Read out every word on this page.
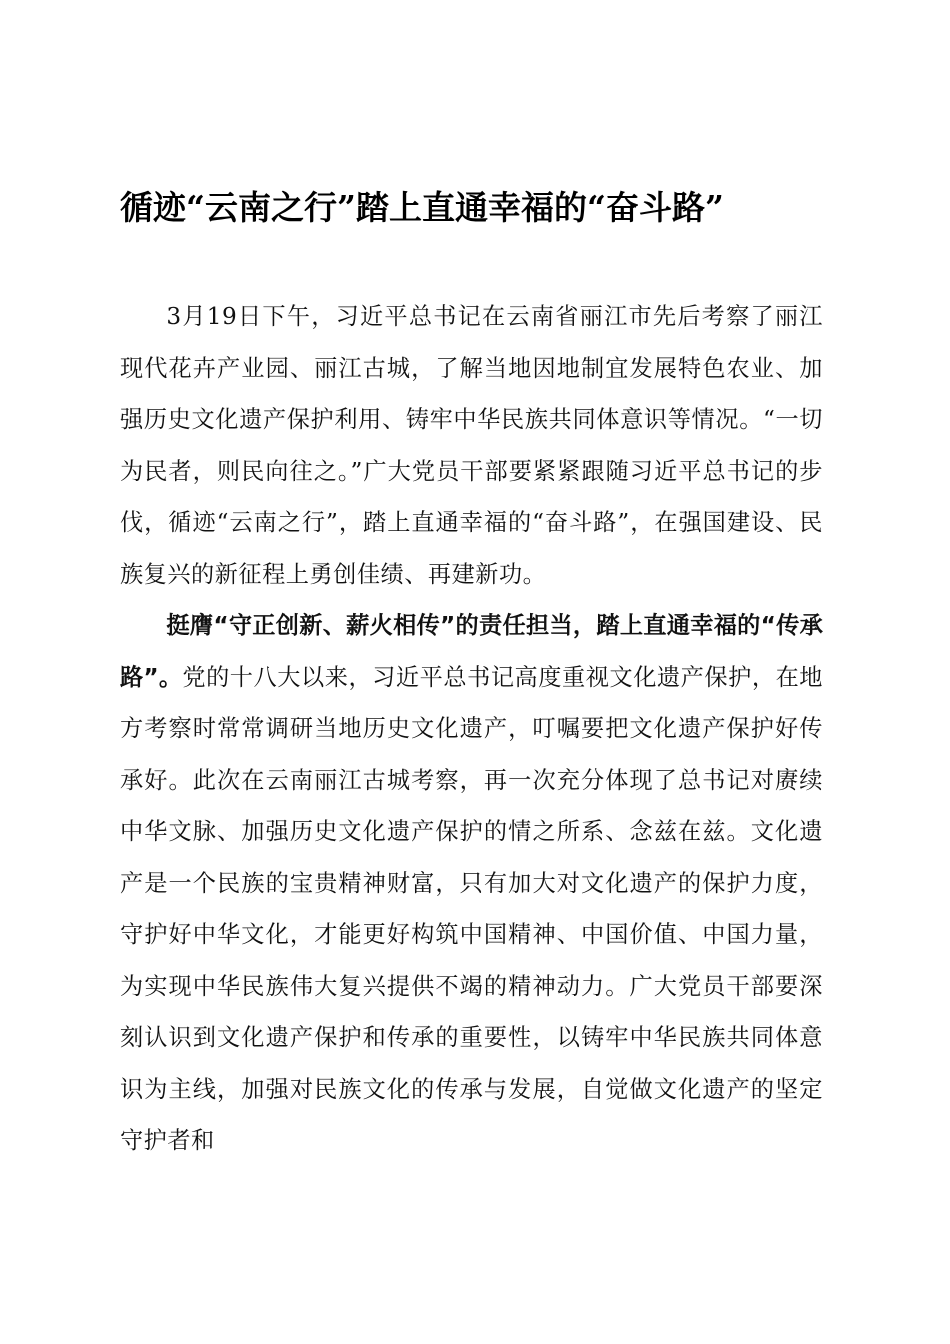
循迹“云南之行”踏上直通幸福的“奋斗路”

3月19日下午，习近平总书记在云南省丽江市先后考察了丽江现代花卉产业园、丽江古城，了解当地因地制宜发展特色农业、加强历史文化遗产保护利用、铸牢中华民族共同体意识等情况。“一切为民者，则民向往之。”广大党员干部要紧紧跟随习近平总书记的步伐，循迹“云南之行”，踏上直通幸福的“奋斗路”，在强国建设、民族复兴的新征程上勇创佳绩、再建新功。

挺膺“守正创新、薪火相传”的责任担当，踏上直通幸福的“传承路”。党的十八大以来，习近平总书记高度重视文化遗产保护，在地方考察时常常调研当地历史文化遗产，叮嘱要把文化遗产保护好传承好。此次在云南丽江古城考察，再一次充分体现了总书记对赓续中华文脉、加强历史文化遗产保护的情之所系、念兹在兹。文化遗产是一个民族的宝贵精神财富，只有加大对文化遗产的保护力度，守护好中华文化，才能更好构筑中国精神、中国价值、中国力量，为实现中华民族伟大复兴提供不竭的精神动力。广大党员干部要深刻认识到文化遗产保护和传承的重要性，以铸牢中华民族共同体意识为主线，加强对民族文化的传承与发展，自觉做文化遗产的坚定守护者和
